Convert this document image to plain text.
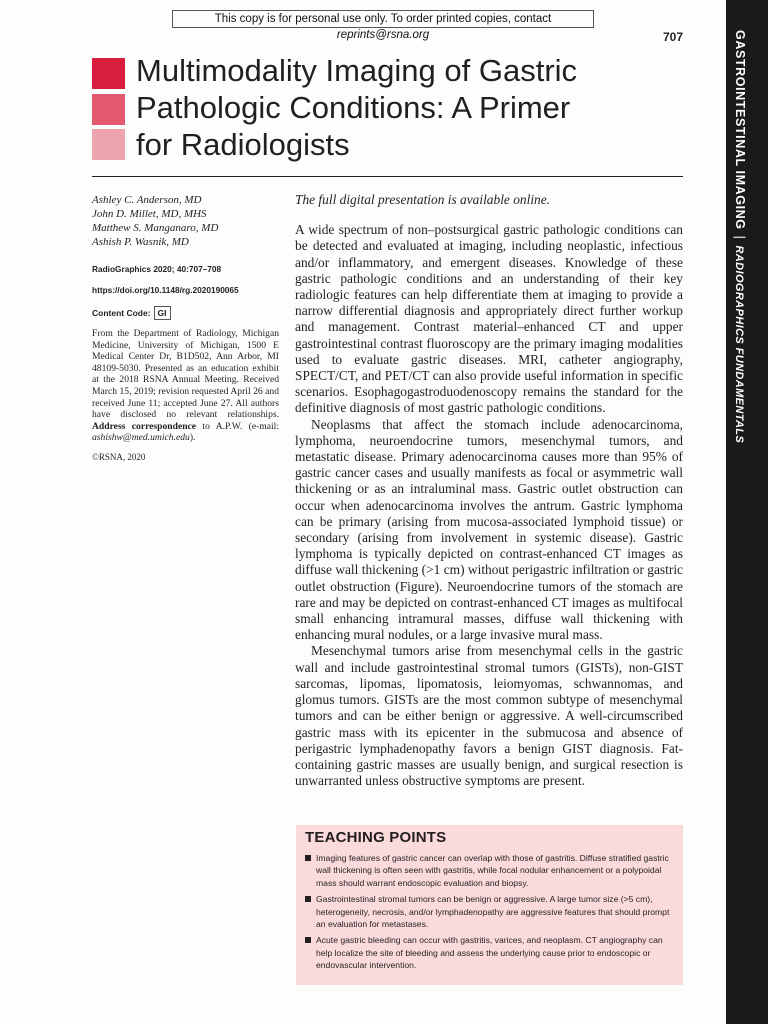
This copy is for personal use only. To order printed copies, contact reprints@rsna.org	707	GASTROINTESTINAL IMAGING|RADIOGRAPHICS FUNDAMENTALS
Multimodality Imaging of Gastric
Pathologic Conditions: A Primer
for Radiologists
Ashley C. Anderson, MD
John D. Millet, MD, MHS
Matthew S. Manganaro, MD
Ashish P. Wasnik, MD
RadioGraphics 2020; 40:707–708
https://doi.org/10.1148/rg.2020190065
Content Code: GI
From the Department of Radiology, Michigan Medicine, University of Michigan, 1500 E Medical Center Dr, B1D502, Ann Arbor, MI 48109-5030. Presented as an education exhibit at the 2018 RSNA Annual Meeting. Received March 15, 2019; revision requested April 26 and received June 11; accepted June 27. All authors have disclosed no relevant relationships. Address correspondence to A.P.W. (e-mail: ashishw@med.umich.edu).
©RSNA, 2020

The full digital presentation is available online.

A wide spectrum of non–postsurgical gastric pathologic conditions can be detected and evaluated at imaging, including neoplastic, infectious and/or inflammatory, and emergent diseases. Knowledge of these gastric pathologic conditions and an understanding of their key radiologic features can help differentiate them at imaging to provide a narrow differential diagnosis and appropriately direct further workup and management. Contrast material–enhanced CT and upper gastrointestinal contrast fluoroscopy are the primary imaging modalities used to evaluate gastric diseases. MRI, catheter angiography, SPECT/CT, and PET/CT can also provide useful information in specific scenarios. Esophagogastroduodenoscopy remains the standard for the definitive diagnosis of most gastric pathologic conditions.

Neoplasms that affect the stomach include adenocarcinoma, lymphoma, neuroendocrine tumors, mesenchymal tumors, and metastatic disease. Primary adenocarcinoma causes more than 95% of gastric cancer cases and usually manifests as focal or asymmetric wall thickening or as an intraluminal mass. Gastric outlet obstruction can occur when adenocarcinoma involves the antrum. Gastric lymphoma can be primary (arising from mucosa-associated lymphoid tissue) or secondary (arising from involvement in systemic disease). Gastric lymphoma is typically depicted on contrast-enhanced CT images as diffuse wall thickening (>1 cm) without perigastric infiltration or gastric outlet obstruction (Figure). Neuroendocrine tumors of the stomach are rare and may be depicted on contrast-enhanced CT images as multifocal small enhancing intramural masses, diffuse wall thickening with enhancing mural nodules, or a large invasive mural mass.

Mesenchymal tumors arise from mesenchymal cells in the gastric wall and include gastrointestinal stromal tumors (GISTs), non-GIST sarcomas, lipomas, lipomatosis, leiomyomas, schwannomas, and glomus tumors. GISTs are the most common subtype of mesenchymal tumors and can be either benign or aggressive. A well-circumscribed gastric mass with its epicenter in the submucosa and absence of perigastric lymphadenopathy favors a benign GIST diagnosis. Fat-containing gastric masses are usually benign, and surgical resection is unwarranted unless obstructive symptoms are present.

TEACHING POINTS
Imaging features of gastric cancer can overlap with those of gastritis. Diffuse stratified gastric wall thickening is often seen with gastritis, while focal nodular enhancement or a polypoidal mass should warrant endoscopic evaluation and biopsy.
Gastrointestinal stromal tumors can be benign or aggressive. A large tumor size (>5 cm), heterogeneity, necrosis, and/or lymphadenopathy are aggressive features that should prompt an evaluation for metastases.
Acute gastric bleeding can occur with gastritis, varices, and neoplasm. CT angiography can help localize the site of bleeding and assess the underlying cause prior to endoscopic or endovascular intervention.
